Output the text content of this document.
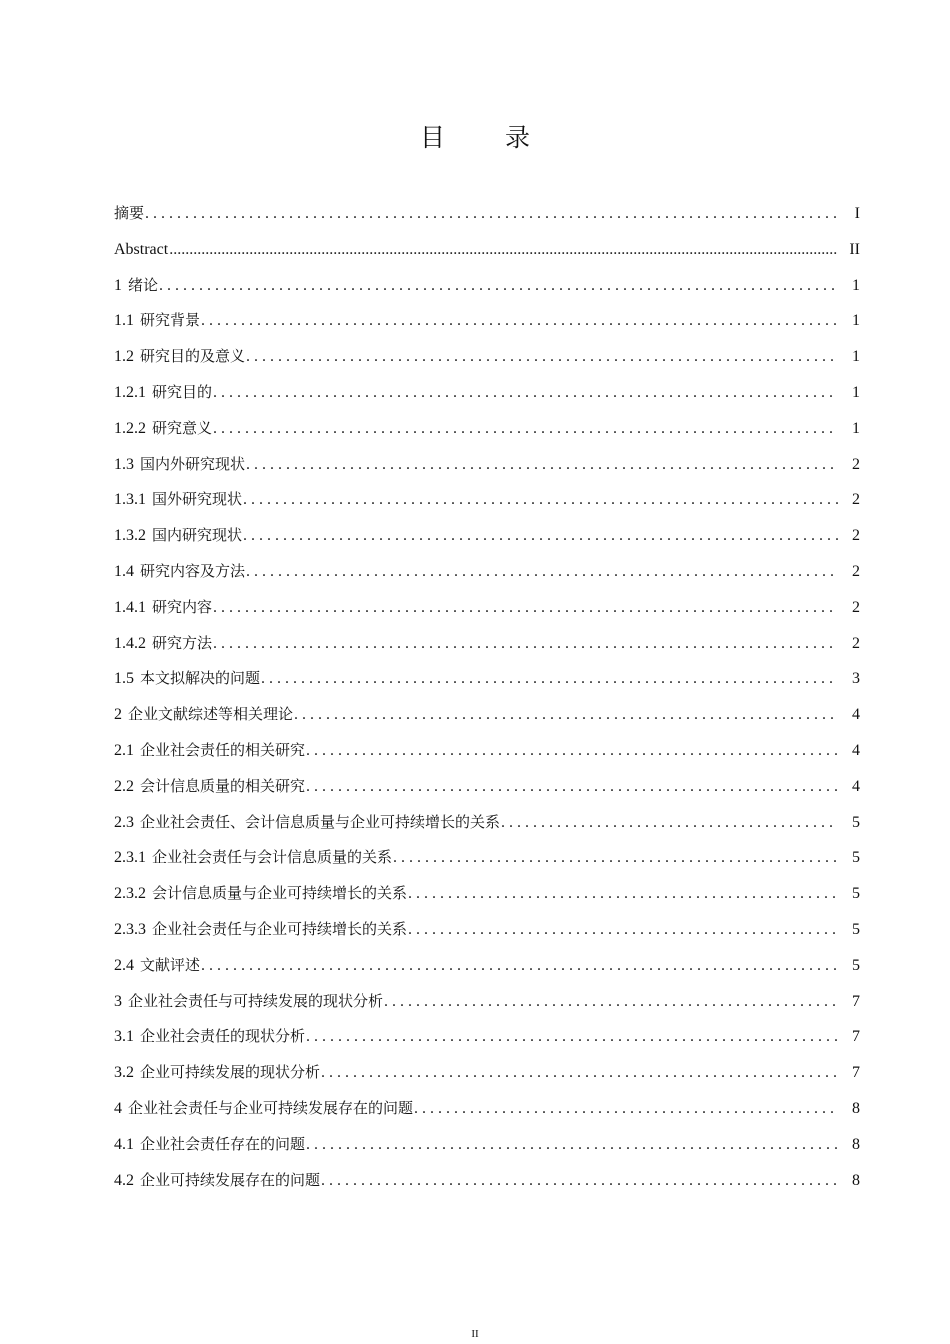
目 录
摘要 . . .	I
Abstract .....	II
1 绪论 . . .	1
1.1 研究背景 . . .	1
1.2 研究目的及意义 . . .	1
1.2.1 研究目的 . . .	1
1.2.2 研究意义 . . .	1
1.3 国内外研究现状 . . .	2
1.3.1 国外研究现状 . . .	2
1.3.2 国内研究现状 . . .	2
1.4 研究内容及方法 . . .	2
1.4.1 研究内容 . . .	2
1.4.2 研究方法 . . .	2
1.5 本文拟解决的问题 . . .	3
2 企业文献综述等相关理论 . . .	4
2.1 企业社会责任的相关研究 . . .	4
2.2 会计信息质量的相关研究 . . .	4
2.3 企业社会责任、会计信息质量与企业可持续增长的关系 . . .	5
2.3.1 企业社会责任与会计信息质量的关系 . . .	5
2.3.2 会计信息质量与企业可持续增长的关系 . . .	5
2.3.3 企业社会责任与企业可持续增长的关系 . . .	5
2.4 文献评述 . . .	5
3 企业社会责任与可持续发展的现状分析 . . .	7
3.1 企业社会责任的现状分析 . . .	7
3.2 企业可持续发展的现状分析 . . .	7
4 企业社会责任与企业可持续发展存在的问题 . . .	8
4.1 企业社会责任存在的问题 . . .	8
4.2 企业可持续发展存在的问题 . . .	8
II
